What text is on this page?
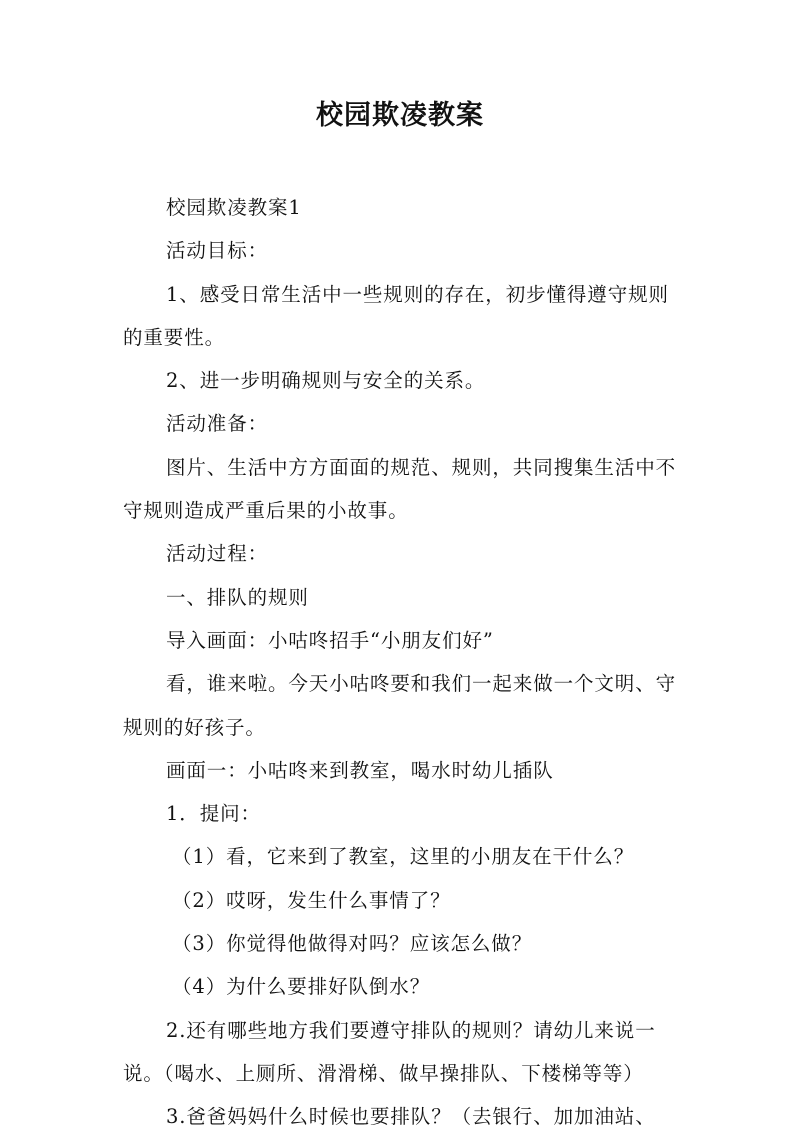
校园欺凌教案

校园欺凌教案1

活动目标：

1、感受日常生活中一些规则的存在，初步懂得遵守规则的重要性。

2、进一步明确规则与安全的关系。

活动准备：

图片、生活中方方面面的规范、规则，共同搜集生活中不守规则造成严重后果的小故事。

活动过程：

一、排队的规则

导入画面：小咕咚招手“小朋友们好”

看，谁来啦。今天小咕咚要和我们一起来做一个文明、守规则的好孩子。

画面一：小咕咚来到教室，喝水时幼儿插队

1．提问：

（1）看，它来到了教室，这里的小朋友在干什么？

（2）哎呀，发生什么事情了？

（3）你觉得他做得对吗？应该怎么做？

（4）为什么要排好队倒水？

2.还有哪些地方我们要遵守排队的规则？请幼儿来说一说。（喝水、上厕所、滑滑梯、做早操排队、下楼梯等等）

3.爸爸妈妈什么时候也要排队？（去银行、加加油站、
